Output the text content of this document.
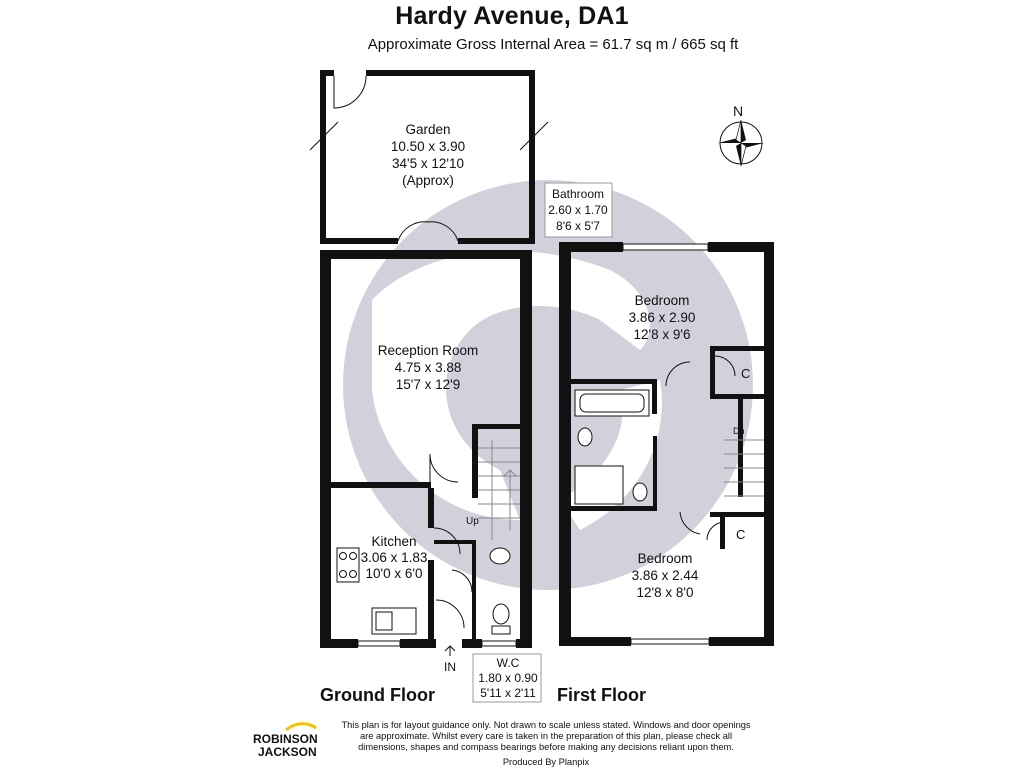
Hardy Avenue, DA1
Approximate Gross Internal Area = 61.7 sq m / 665 sq ft
N
Garden
10.50 x 3.90
34'5 x 12'10
(Approx)
Reception Room
4.75 x 3.88
15'7 x 12'9
Kitchen
3.06 x 1.83
10'0 x 6'0
Bedroom
3.86 x 2.90
12'8 x 9'6
Bedroom
3.86 x 2.44
12'8 x 8'0
Bathroom
2.60 x 1.70
8'6 x 5'7
W.C
1.80 x 0.90
5'11 x 2'11
Up
Dn
IN
C
C
Ground Floor	First Floor
ROBINSON
JACKSON
This plan is for layout guidance only. Not drawn to scale unless stated. Windows and door openings
are approximate. Whilst every care is taken in the preparation of this plan, please check all
dimensions, shapes and compass bearings before making any decisions reliant upon them.
Produced By Planpix
